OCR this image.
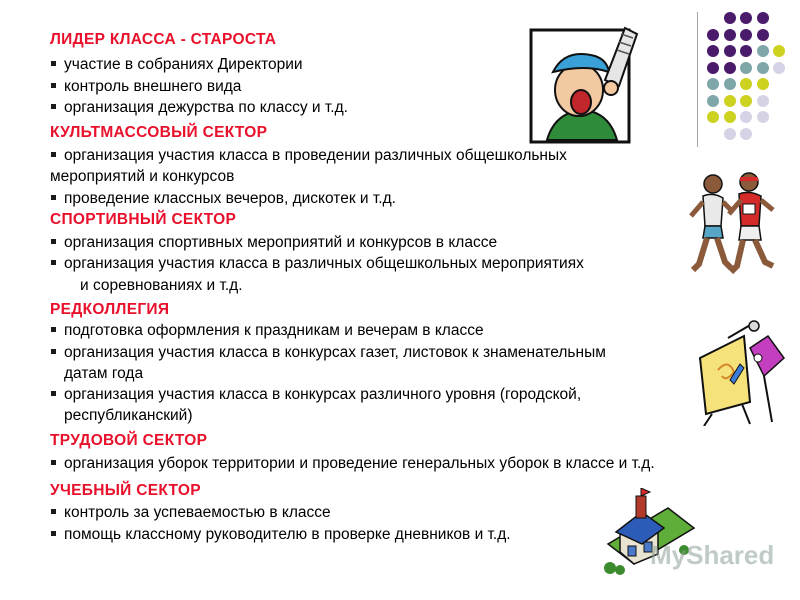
ЛИДЕР КЛАССА - СТАРОСТА
участие в собраниях Директории
контроль внешнего вида
организация дежурства по классу и т.д.
КУЛЬТМАССОВЫЙ СЕКТОР
организация участия класса в проведении различных общешкольных
мероприятий и конкурсов
проведение классных вечеров, дискотек и т.д.
СПОРТИВНЫЙ СЕКТОР
организация спортивных мероприятий и конкурсов в классе
организация участия класса в различных общешкольных мероприятиях
и соревнованиях и т.д.
РЕДКОЛЛЕГИЯ
подготовка оформления к праздникам и вечерам в классе
организация участия класса в конкурсах газет, листовок к знаменательным
датам года
организация участия класса в конкурсах различного уровня (городской,
республиканский)
ТРУДОВОЙ СЕКТОР
организация уборок территории и проведение генеральных уборок в классе и т.д.
УЧЕБНЫЙ СЕКТОР
контроль за успеваемостью в классе
помощь классному руководителю в проверке дневников и т.д.
MyShared
